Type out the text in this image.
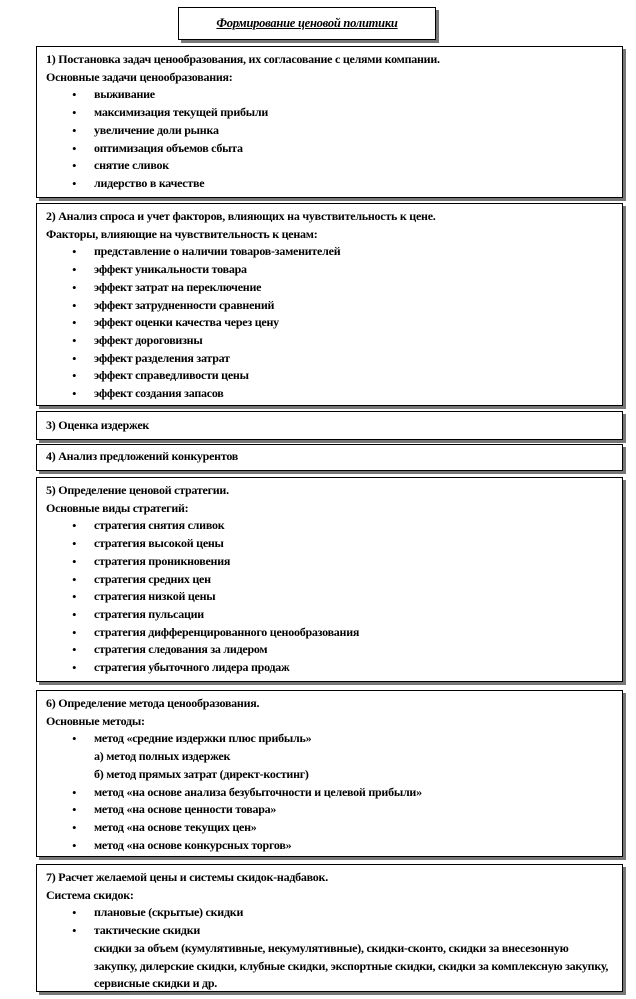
Формирование ценовой политики
1) Постановка задач ценообразования, их согласование с целями компании.
Основные задачи ценообразования:
• выживание
• максимизация текущей прибыли
• увеличение доли рынка
• оптимизация объемов сбыта
• снятие сливок
• лидерство в качестве
2) Анализ спроса и учет факторов, влияющих на чувствительность к цене.
Факторы, влияющие на чувствительность к ценам:
• представление о наличии товаров-заменителей
• эффект уникальности товара
• эффект затрат на переключение
• эффект затрудненности сравнений
• эффект оценки качества через цену
• эффект дороговизны
• эффект разделения затрат
• эффект справедливости цены
• эффект создания запасов
3) Оценка издержек
4) Анализ предложений конкурентов
5) Определение ценовой стратегии.
Основные виды стратегий:
• стратегия снятия сливок
• стратегия высокой цены
• стратегия проникновения
• стратегия средних цен
• стратегия низкой цены
• стратегия пульсации
• стратегия дифференцированного ценообразования
• стратегия следования за лидером
• стратегия убыточного лидера продаж
6) Определение метода ценообразования.
Основные методы:
• метод «средние издержки плюс прибыль»
а) метод полных издержек
б) метод прямых затрат (директ-костинг)
• метод «на основе анализа безубыточности и целевой прибыли»
• метод «на основе ценности товара»
• метод «на основе текущих цен»
• метод «на основе конкурсных торгов»
7) Расчет желаемой цены и системы скидок-надбавок.
Система скидок:
• плановые (скрытые) скидки
• тактические скидки
скидки за объем (кумулятивные, некумулятивные), скидки-сконто, скидки за внесезонную закупку, дилерские скидки, клубные скидки, экспортные скидки, скидки за комплексную закупку, сервисные скидки и др.
